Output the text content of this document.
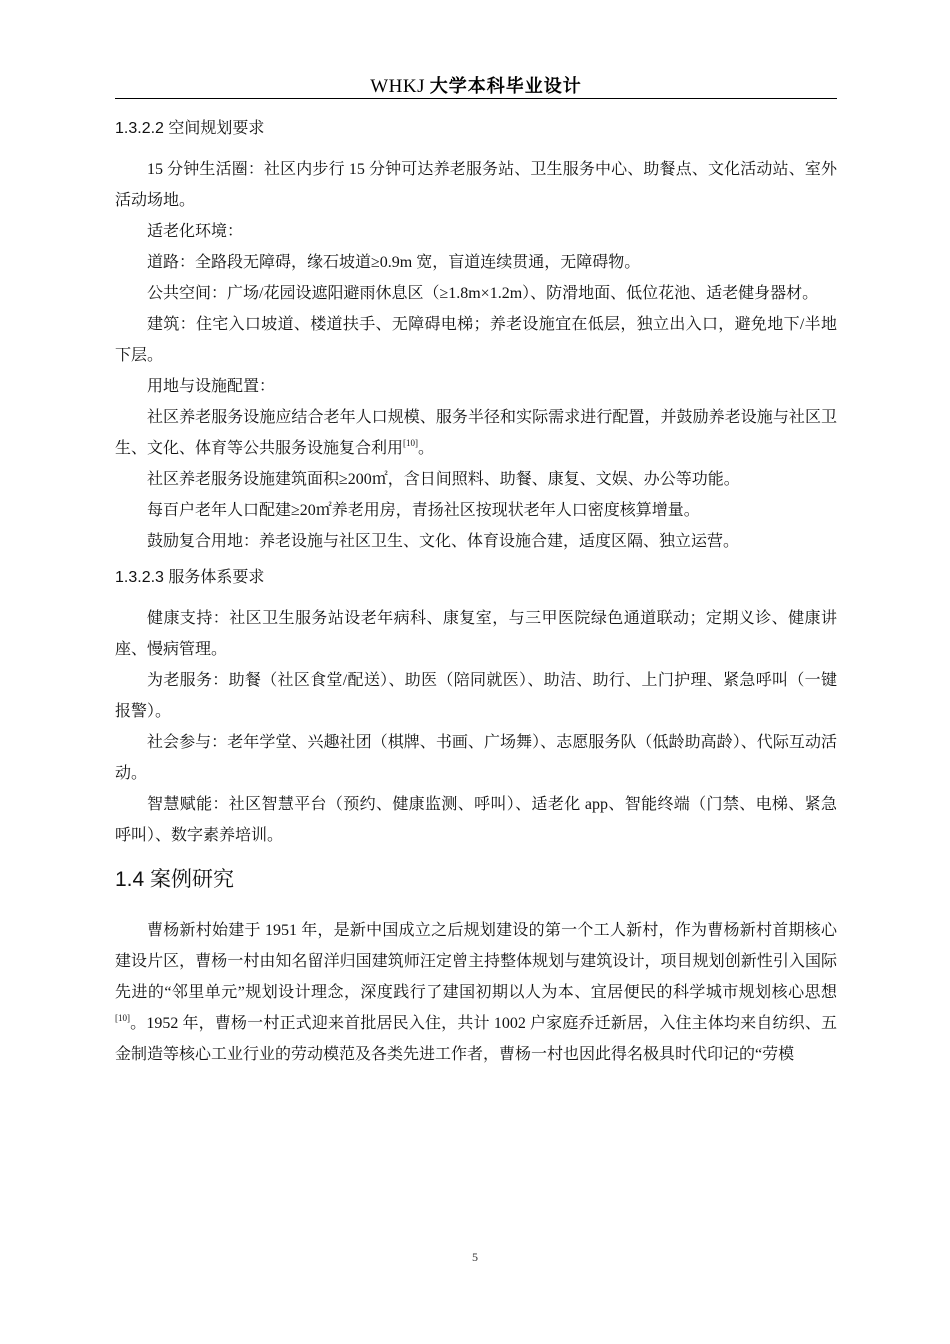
WHKJ 大学本科毕业设计
1.3.2.2 空间规划要求

15 分钟生活圈：社区内步行 15 分钟可达养老服务站、卫生服务中心、助餐点、文化活动站、室外活动场地。

适老化环境：

道路：全路段无障碍，缘石坡道≥0.9m 宽，盲道连续贯通，无障碍物。

公共空间：广场/花园设遮阳避雨休息区（≥1.8m×1.2m）、防滑地面、低位花池、适老健身器材。

建筑：住宅入口坡道、楼道扶手、无障碍电梯；养老设施宜在低层，独立出入口，避免地下/半地下层。

用地与设施配置：

社区养老服务设施应结合老年人口规模、服务半径和实际需求进行配置，并鼓励养老设施与社区卫生、文化、体育等公共服务设施复合利用[10]。

社区养老服务设施建筑面积≥200㎡，含日间照料、助餐、康复、文娱、办公等功能。

每百户老年人口配建≥20㎡养老用房，青扬社区按现状老年人口密度核算增量。

鼓励复合用地：养老设施与社区卫生、文化、体育设施合建，适度区隔、独立运营。

1.3.2.3 服务体系要求

健康支持：社区卫生服务站设老年病科、康复室，与三甲医院绿色通道联动；定期义诊、健康讲座、慢病管理。

为老服务：助餐（社区食堂/配送）、助医（陪同就医）、助洁、助行、上门护理、紧急呼叫（一键报警）。

社会参与：老年学堂、兴趣社团（棋牌、书画、广场舞）、志愿服务队（低龄助高龄）、代际互动活动。

智慧赋能：社区智慧平台（预约、健康监测、呼叫）、适老化 app、智能终端（门禁、电梯、紧急呼叫）、数字素养培训。

1.4 案例研究

曹杨新村始建于 1951 年，是新中国成立之后规划建设的第一个工人新村，作为曹杨新村首期核心建设片区，曹杨一村由知名留洋归国建筑师汪定曾主持整体规划与建筑设计，项目规划创新性引入国际先进的“邻里单元”规划设计理念，深度践行了建国初期以人为本、宜居便民的科学城市规划核心思想[10]。1952 年，曹杨一村正式迎来首批居民入住，共计 1002 户家庭乔迁新居，入住主体均来自纺织、五金制造等核心工业行业的劳动模范及各类先进工作者，曹杨一村也因此得名极具时代印记的“劳模

5
